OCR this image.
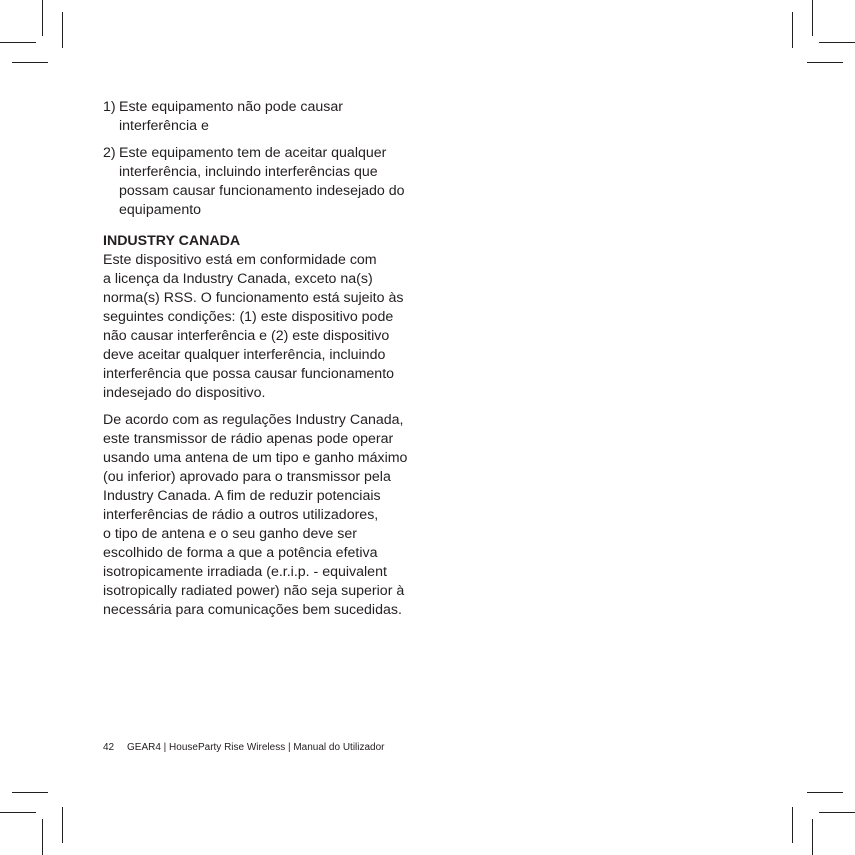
1) Este equipamento não pode causar
interferência e
2) Este equipamento tem de aceitar qualquer
interferência, incluindo interferências que
possam causar funcionamento indesejado do
equipamento
INDUSTRY CANADA

Este dispositivo está em conformidade com
a licença da Industry Canada, exceto na(s)
norma(s) RSS. O funcionamento está sujeito às
seguintes condições: (1) este dispositivo pode
não causar interferência e (2) este dispositivo
deve aceitar qualquer interferência, incluindo
interferência que possa causar funcionamento
indesejado do dispositivo.

De acordo com as regulações Industry Canada,
este transmissor de rádio apenas pode operar
usando uma antena de um tipo e ganho máximo
(ou inferior) aprovado para o transmissor pela
Industry Canada. A fim de reduzir potenciais
interferências de rádio a outros utilizadores,
o tipo de antena e o seu ganho deve ser
escolhido de forma a que a potência efetiva
isotropicamente irradiada (e.r.i.p. - equivalent
isotropically radiated power) não seja superior à
necessária para comunicações bem sucedidas.

42 GEAR4 | HouseParty Rise Wireless | Manual do Utilizador
